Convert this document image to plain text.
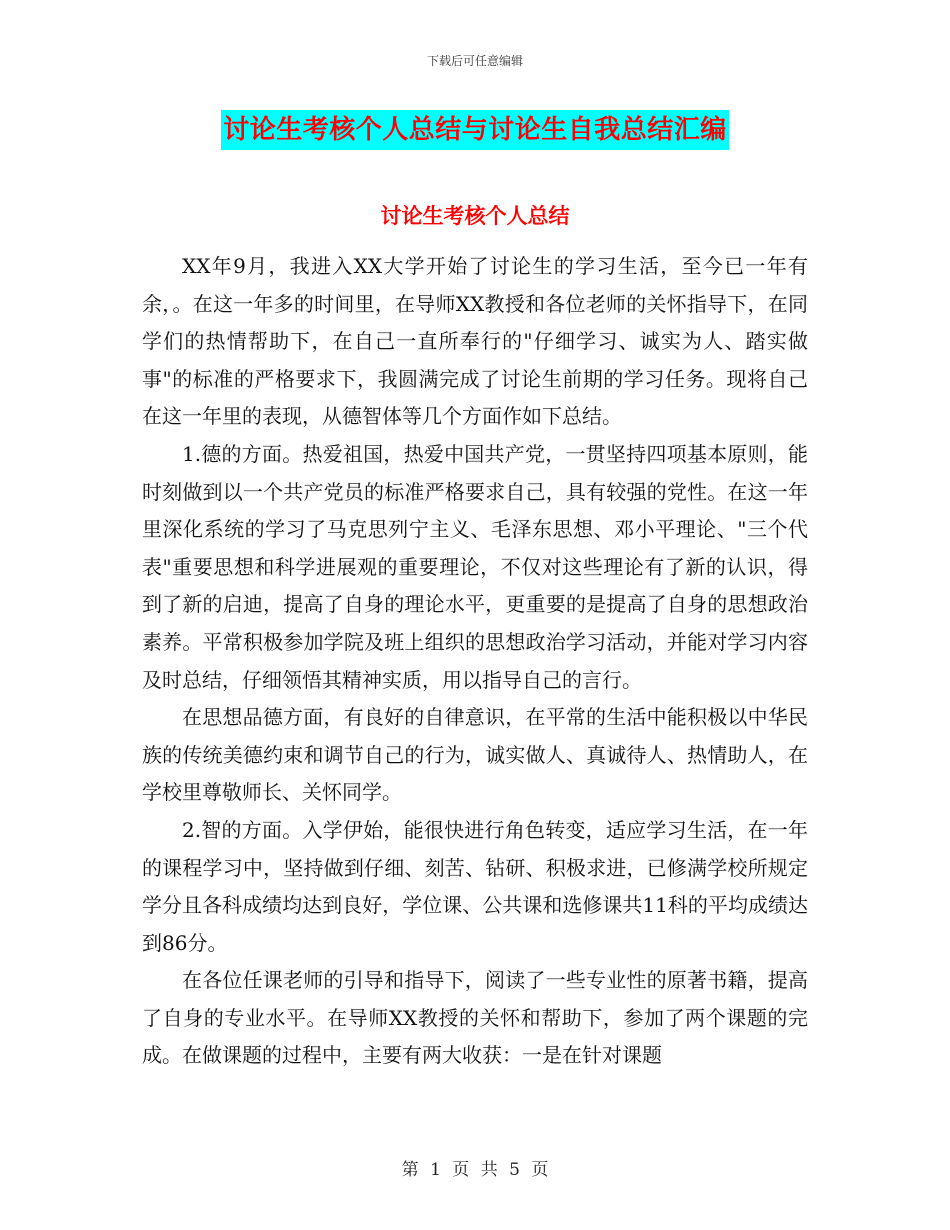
下载后可任意编辑
讨论生考核个人总结与讨论生自我总结汇编
讨论生考核个人总结

XX年9月，我进入XX大学开始了讨论生的学习生活，至今已一年有余，。在这一年多的时间里，在导师XX教授和各位老师的关怀指导下，在同学们的热情帮助下，在自己一直所奉行的"仔细学习、诚实为人、踏实做事"的标准的严格要求下，我圆满完成了讨论生前期的学习任务。现将自己在这一年里的表现，从德智体等几个方面作如下总结。

1.德的方面。热爱祖国，热爱中国共产党，一贯坚持四项基本原则，能时刻做到以一个共产党员的标准严格要求自己，具有较强的党性。在这一年里深化系统的学习了马克思列宁主义、毛泽东思想、邓小平理论、"三个代表"重要思想和科学进展观的重要理论，不仅对这些理论有了新的认识，得到了新的启迪，提高了自身的理论水平，更重要的是提高了自身的思想政治素养。平常积极参加学院及班上组织的思想政治学习活动，并能对学习内容及时总结，仔细领悟其精神实质，用以指导自己的言行。

在思想品德方面，有良好的自律意识，在平常的生活中能积极以中华民族的传统美德约束和调节自己的行为，诚实做人、真诚待人、热情助人，在学校里尊敬师长、关怀同学。

2.智的方面。入学伊始，能很快进行角色转变，适应学习生活，在一年的课程学习中，坚持做到仔细、刻苦、钻研、积极求进，已修满学校所规定学分且各科成绩均达到良好，学位课、公共课和选修课共11科的平均成绩达到86分。

在各位任课老师的引导和指导下，阅读了一些专业性的原著书籍，提高了自身的专业水平。在导师XX教授的关怀和帮助下，参加了两个课题的完成。在做课题的过程中，主要有两大收获：一是在针对课题

第 1 页 共 5 页
